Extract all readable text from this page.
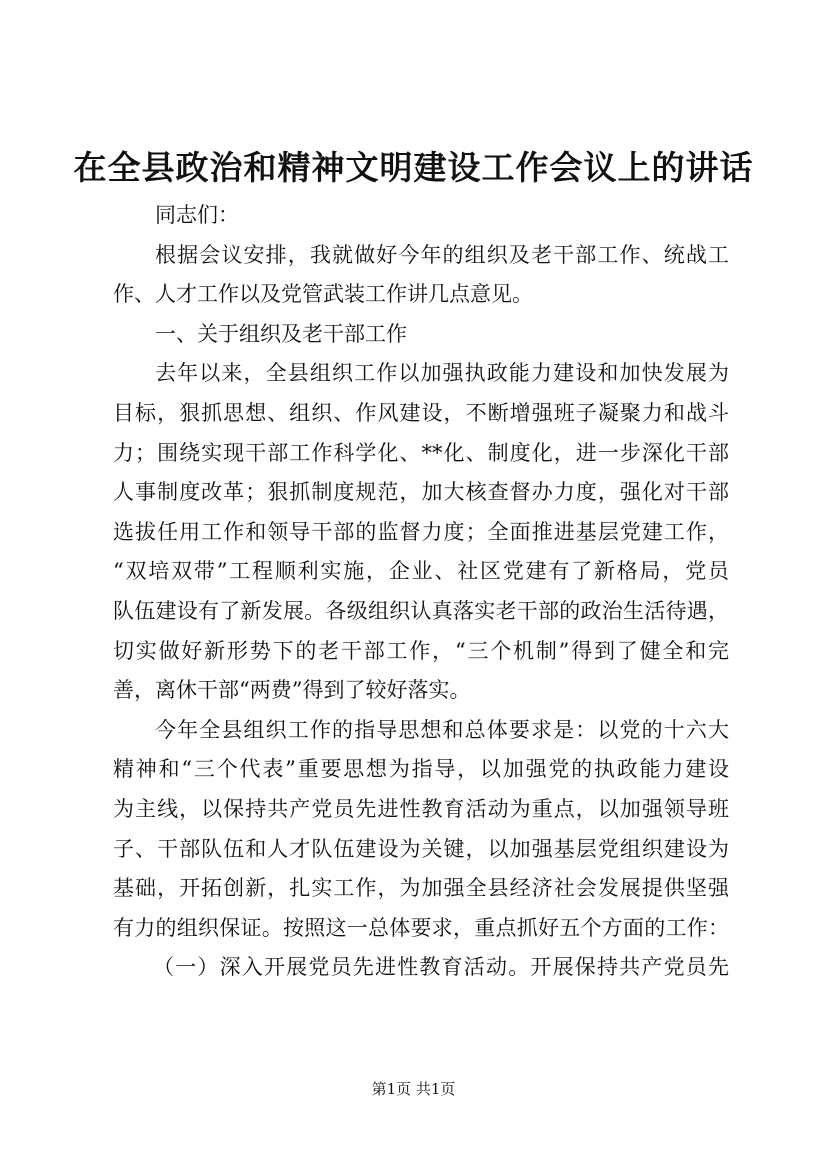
在全县政治和精神文明建设工作会议上的讲话
同志们：
根据会议安排，我就做好今年的组织及老干部工作、统战工
作、人才工作以及党管武装工作讲几点意见。
一、关于组织及老干部工作
去年以来，全县组织工作以加强执政能力建设和加快发展为
目标，狠抓思想、组织、作风建设，不断增强班子凝聚力和战斗
力；围绕实现干部工作科学化、**化、制度化，进一步深化干部
人事制度改革；狠抓制度规范，加大核查督办力度，强化对干部
选拔任用工作和领导干部的监督力度；全面推进基层党建工作，
“双培双带”工程顺利实施，企业、社区党建有了新格局，党员
队伍建设有了新发展。各级组织认真落实老干部的政治生活待遇，
切实做好新形势下的老干部工作，“三个机制”得到了健全和完
善，离休干部“两费”得到了较好落实。
今年全县组织工作的指导思想和总体要求是：以党的十六大
精神和“三个代表”重要思想为指导，以加强党的执政能力建设
为主线，以保持共产党员先进性教育活动为重点，以加强领导班
子、干部队伍和人才队伍建设为关键，以加强基层党组织建设为
基础，开拓创新，扎实工作，为加强全县经济社会发展提供坚强
有力的组织保证。按照这一总体要求，重点抓好五个方面的工作：
（一）深入开展党员先进性教育活动。开展保持共产党员先
第1页 共1页
